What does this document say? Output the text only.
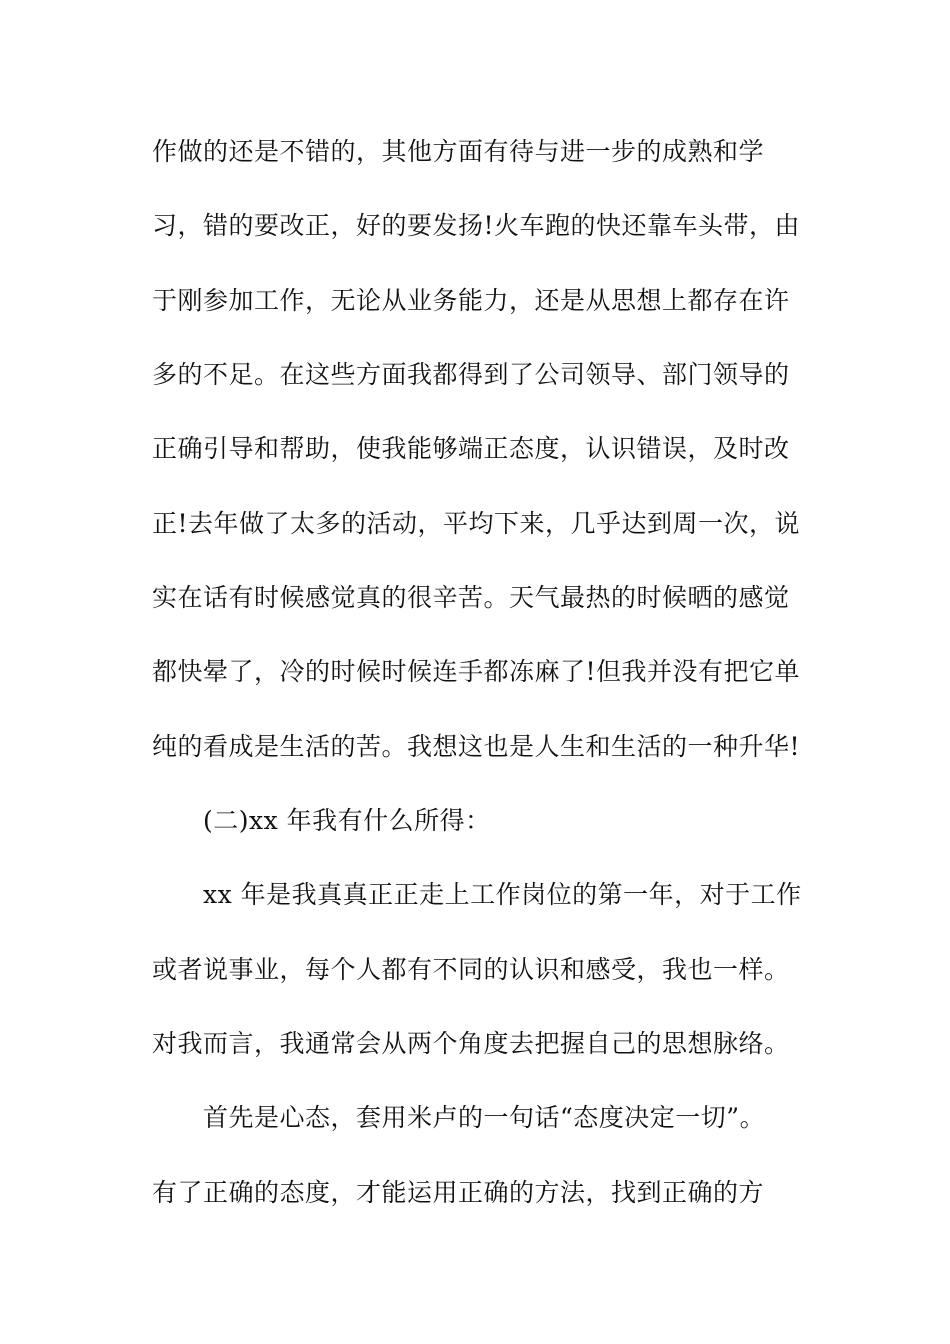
作做的还是不错的，其他方面有待与进一步的成熟和学
习，错的要改正，好的要发扬!火车跑的快还靠车头带，由
于刚参加工作，无论从业务能力，还是从思想上都存在许
多的不足。在这些方面我都得到了公司领导、部门领导的
正确引导和帮助，使我能够端正态度，认识错误，及时改
正!去年做了太多的活动，平均下来，几乎达到周一次，说
实在话有时候感觉真的很辛苦。天气最热的时候晒的感觉
都快晕了，冷的时候时候连手都冻麻了!但我并没有把它单
纯的看成是生活的苦。我想这也是人生和生活的一种升华!
(二)xx 年我有什么所得：
xx 年是我真真正正走上工作岗位的第一年，对于工作
或者说事业，每个人都有不同的认识和感受，我也一样。
对我而言，我通常会从两个角度去把握自己的思想脉络。
首先是心态，套用米卢的一句话“态度决定一切”。
有了正确的态度，才能运用正确的方法，找到正确的方
